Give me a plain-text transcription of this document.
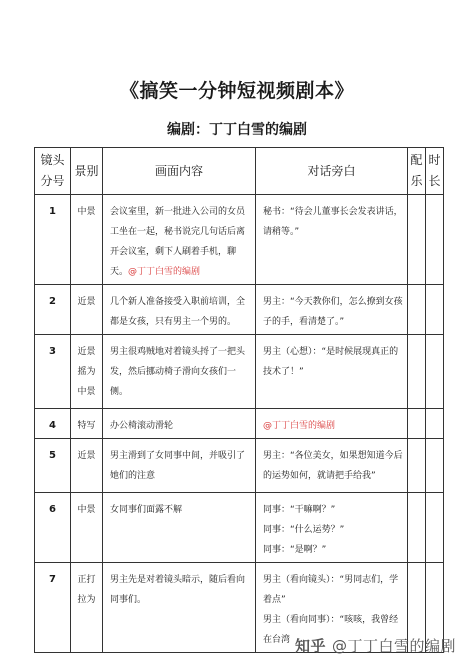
《搞笑一分钟短视频剧本》
编剧：丁丁白雪的编剧
镜头分号	景别	画面内容	对话旁白	配乐	时长
1	中景	会议室里，新一批进入公司的女员工坐在一起，秘书说完几句话后离开会议室，剩下人刷着手机，聊天。@丁丁白雪的编剧	秘书：“待会儿董事长会发表讲话，请稍等。”		

2	近景	几个新人准备接受入职前培训，全都是女孩，只有男主一个男的。	男主：“今天教你们，怎么撩到女孩子的手，看清楚了。”		

3	近景摇为中景	男主很鸡贼地对着镜头捋了一把头发，然后挪动椅子滑向女孩们一侧。	男主（心想）：“是时候展现真正的技术了！”		

4	特写	办公椅滚动滑轮	@丁丁白雪的编剧		
5	近景	男主滑到了女同事中间，并吸引了她们的注意	男主：“各位美女，如果想知道今后的运势如何，就请把手给我”		

6	中景	女同事们面露不解	同事：“干嘛啊？”
同事：“什么运势？”
同事：“是啊？”		

7	正打拉为	男主先是对着镜头暗示，随后看向同事们。	男主（看向镜头）：“男同志们，学着点”
男主（看向同事）：“咳咳，我曾经在台湾		
		知乎 @丁丁白雪的编剧
